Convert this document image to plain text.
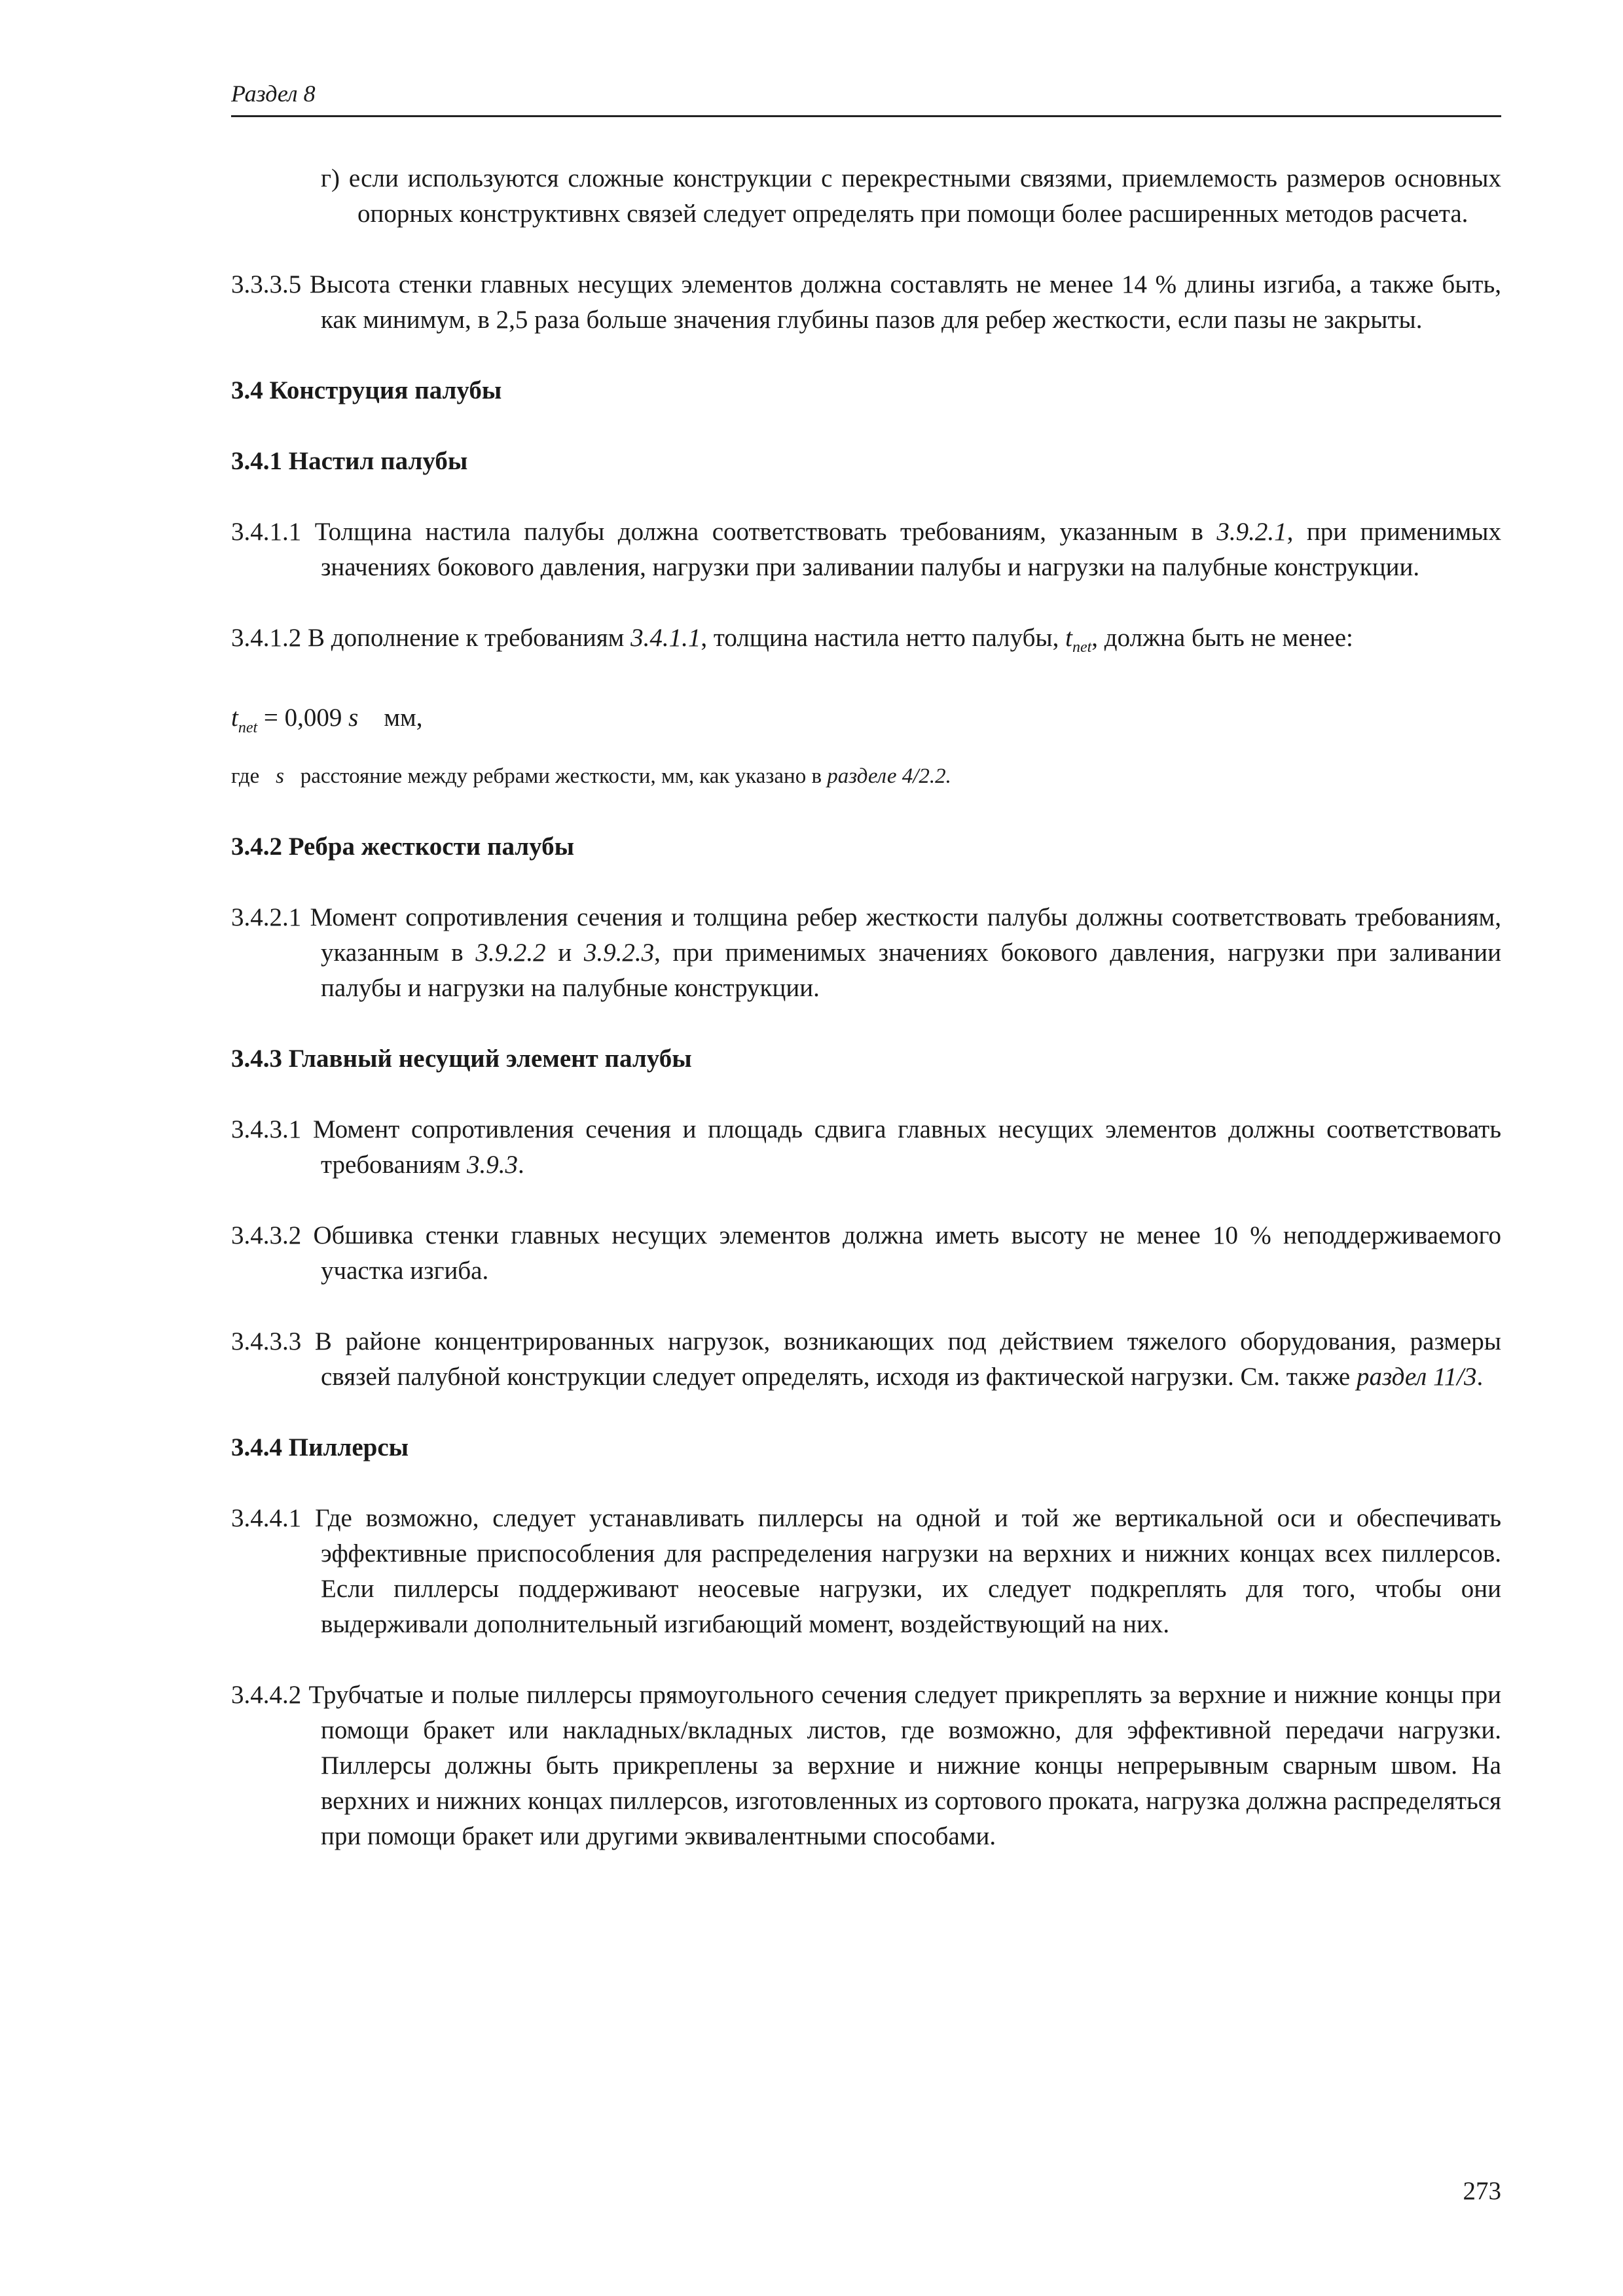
Раздел 8

г) если используются сложные конструкции с перекрестными связями, приемлемость размеров основных опорных конструктивнх связей следует определять при помощи более расширенных методов расчета.

3.3.3.5 Высота стенки главных несущих элементов должна составлять не менее 14 % длины изгиба, а также быть, как минимум, в 2,5 раза больше значения глубины пазов для ребер жесткости, если пазы не закрыты.

3.4 Конструция палубы
3.4.1 Настил палубы

3.4.1.1 Толщина настила палубы должна соответствовать требованиям, указанным в 3.9.2.1, при применимых значениях бокового давления, нагрузки при заливании палубы и нагрузки на палубные конструкции.

3.4.1.2 В дополнение к требованиям 3.4.1.1, толщина настила нетто палубы, $t_{net}$, должна быть не менее:

$t_{net} = 0,009$ s мм,
где   s   расстояние между ребрами жесткости, мм, как указано в разделе 4/2.2.
3.4.2 Ребра жесткости палубы

3.4.2.1 Момент сопротивления сечения и толщина ребер жесткости палубы должны соответствовать требованиям, указанным в 3.9.2.2 и 3.9.2.3, при применимых значениях бокового давления, нагрузки при заливании палубы и нагрузки на палубные конструкции.

3.4.3 Главный несущий элемент палубы

3.4.3.1 Момент сопротивления сечения и площадь сдвига главных несущих элементов должны соответствовать требованиям 3.9.3.

3.4.3.2 Обшивка стенки главных несущих элементов должна иметь высоту не менее 10 % неподдерживаемого участка изгиба.

3.4.3.3 В районе концентрированных нагрузок, возникающих под действием тяжелого оборудования, размеры связей палубной конструкции следует определять, исходя из фактической нагрузки. См. также раздел 11/3.

3.4.4 Пиллерсы

3.4.4.1 Где возможно, следует устанавливать пиллерсы на одной и той же вертикальной оси и обеспечивать эффективные приспособления для распределения нагрузки на верхних и нижних концах всех пиллерсов. Если пиллерсы поддерживают неосевые нагрузки, их следует подкреплять для того, чтобы они выдерживали дополнительный изгибающий момент, воздействующий на них.

3.4.4.2 Трубчатые и полые пиллерсы прямоугольного сечения следует прикреплять за верхние и нижние концы при помощи бракет или накладных/вкладных листов, где возможно, для эффективной передачи нагрузки. Пиллерсы должны быть прикреплены за верхние и нижние концы непрерывным сварным швом. На верхних и нижних концах пиллерсов, изготовленных из сортового проката, нагрузка должна распределяться при помощи бракет или другими эквивалентными способами.

273
